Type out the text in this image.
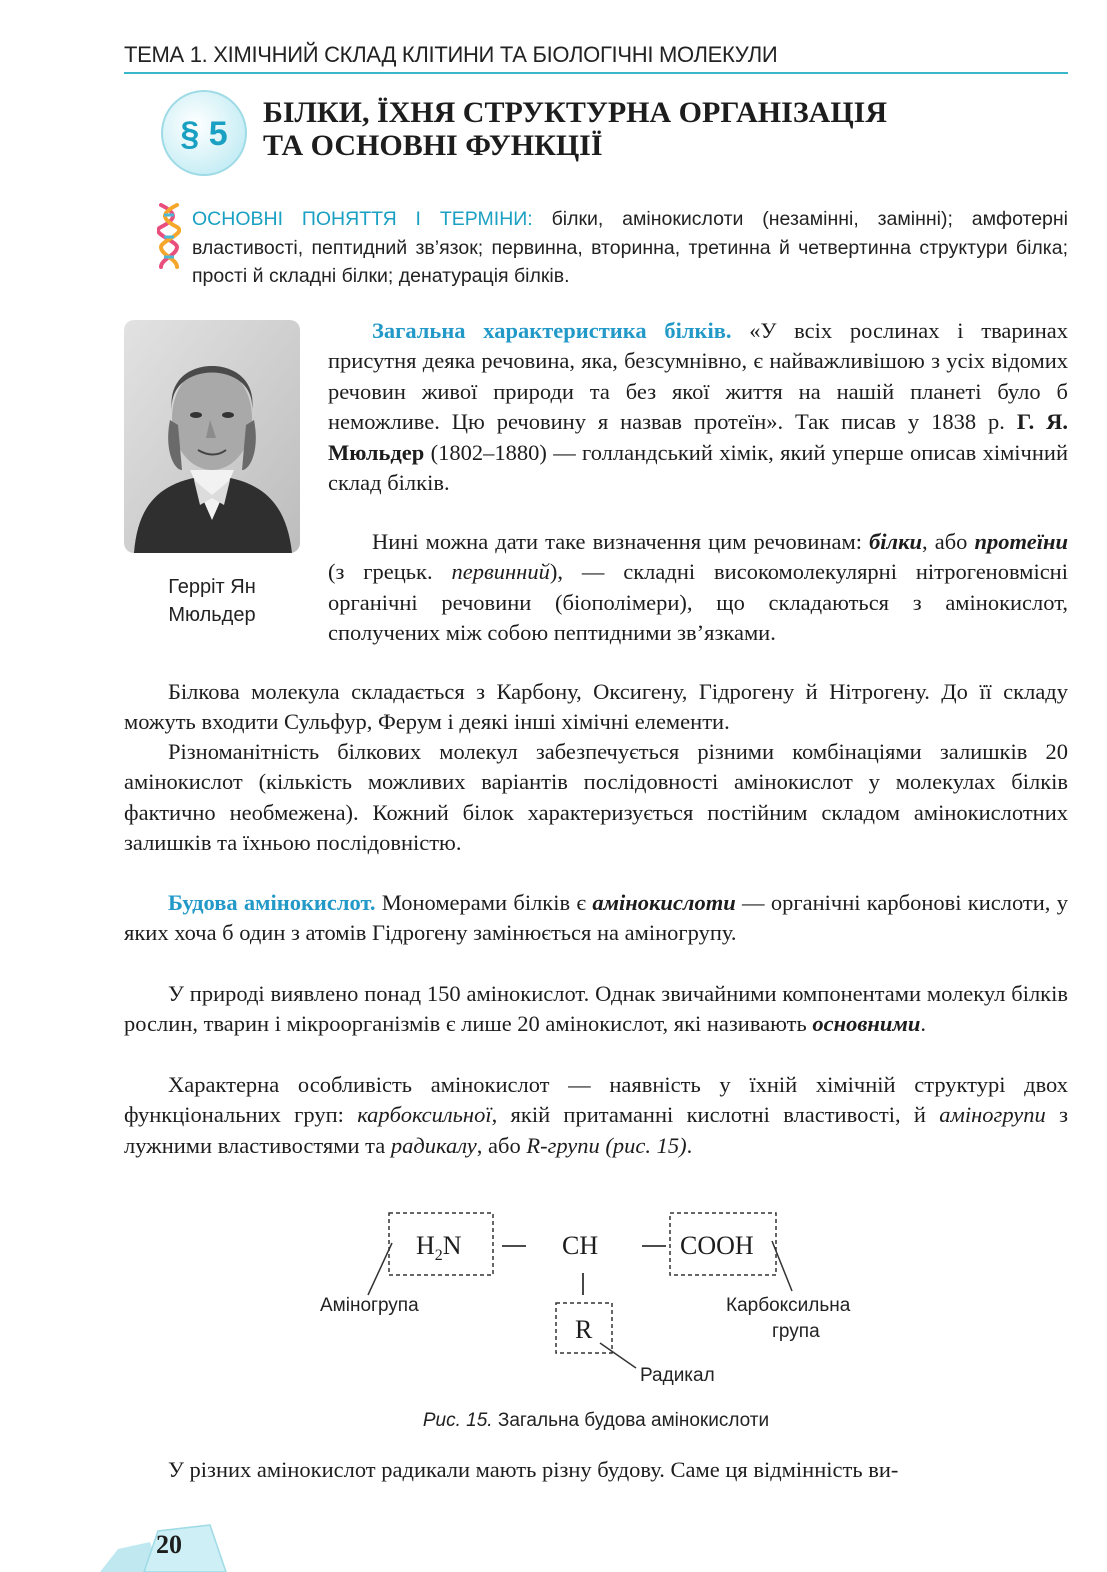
ТЕМА 1. ХІМІЧНИЙ СКЛАД КЛІТИНИ ТА БІОЛОГІЧНІ МОЛЕКУЛИ
§ 5
БІЛКИ, ЇХНЯ СТРУКТУРНА ОРГАНІЗАЦІЯ
ТА ОСНОВНІ ФУНКЦІЇ
ОСНОВНІ ПОНЯТТЯ І ТЕРМІНИ: білки, амінокислоти (незамінні, замінні); амфотерні властивості, пептидний зв’язок; первинна, вторинна, третинна й четвертинна структури білка; прості й складні білки; денатурація білків.
Герріт Ян
Мюльдер
Загальна характеристика білків. «У всіх рослинах і тваринах присутня деяка речовина, яка, безсумнівно, є найважливішою з усіх відомих речовин живої природи та без якої життя на нашій планеті було б неможливе. Цю речовину я назвав протеїн». Так писав у 1838 р. Г. Я. Мюльдер (1802–1880) — голландський хімік, який уперше описав хімічний склад білків.
Нині можна дати таке визначення цим речовинам: білки, або протеїни (з грецьк. первинний), — складні високомолекулярні нітрогеновмісні органічні речовини (біополімери), що складаються з амінокислот, сполучених між собою пептидними зв’язками.
Білкова молекула складається з Карбону, Оксигену, Гідрогену й Нітрогену. До її складу можуть входити Сульфур, Ферум і деякі інші хімічні елементи.
Різноманітність білкових молекул забезпечується різними комбінаціями залишків 20 амінокислот (кількість можливих варіантів послідовності амінокислот у молекулах білків фактично необмежена). Кожний білок характеризується постійним складом амінокислотних залишків та їхньою послідовністю.
Будова амінокислот. Мономерами білків є амінокислоти — органічні карбонові кислоти, у яких хоча б один з атомів Гідрогену замінюється на аміногрупу.
У природі виявлено понад 150 амінокислот. Однак звичайними компонентами молекул білків рослин, тварин і мікроорганізмів є лише 20 амінокислот, які називають основними.
Характерна особливість амінокислот — наявність у їхній хімічній структурі двох функціональних груп: карбоксильної, якій притаманні кислотні властивості, й аміногрупи з лужними властивостями та радикалу, або R-групи (рис. 15).
$H_2N$	CH	COOH
R
Аміногрупа	Карбоксильна
група
Радикал
Рис. 15. Загальна будова амінокислоти
У різних амінокислот радикали мають різну будову. Саме ця відмінність ви-
20
